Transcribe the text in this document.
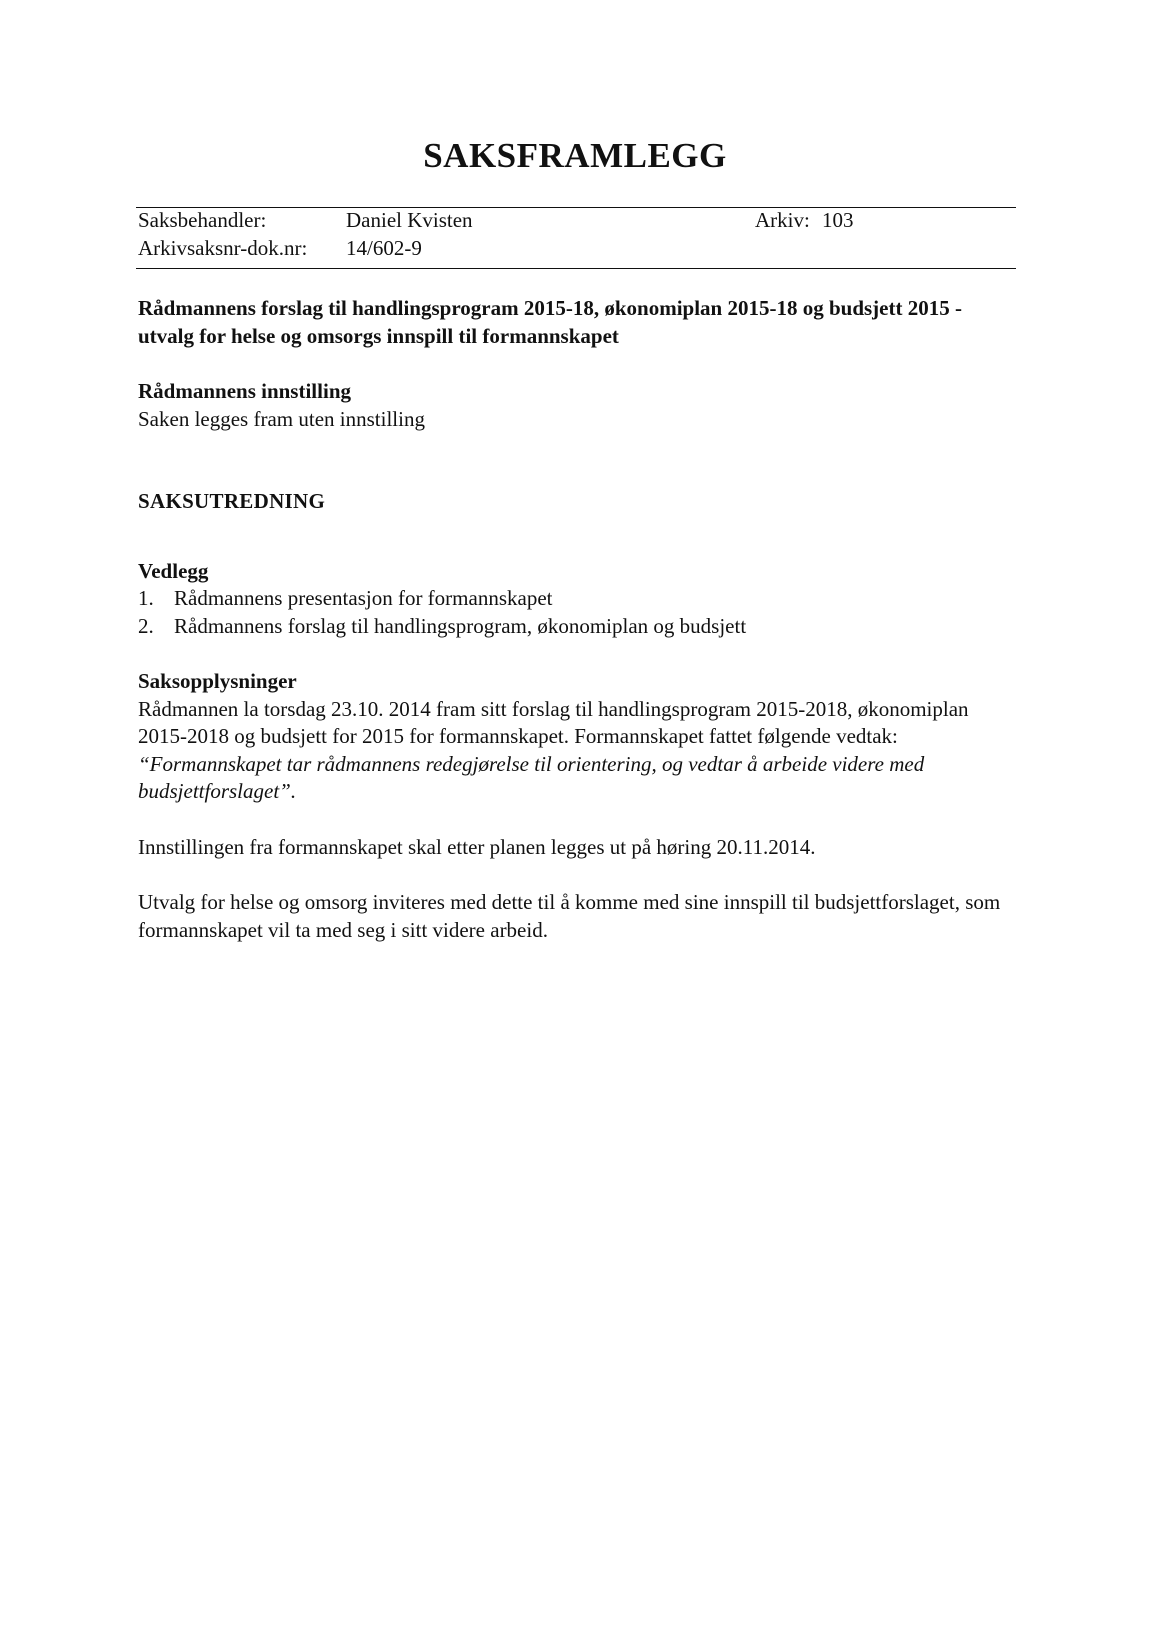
SAKSFRAMLEGG
Saksbehandler:	Daniel Kvisten	Arkiv: 103
Arkivsaksnr-dok.nr: 14/602-9
Rådmannens forslag til handlingsprogram 2015-18, økonomiplan 2015-18 og budsjett 2015 - utvalg for helse og omsorgs innspill til formannskapet
Rådmannens innstilling

Saken legges fram uten innstilling

SAKSUTREDNING
Vedlegg
1. Rådmannens presentasjon for formannskapet
2. Rådmannens forslag til handlingsprogram, økonomiplan og budsjett
Saksopplysninger

Rådmannen la torsdag 23.10. 2014 fram sitt forslag til handlingsprogram 2015-2018, økonomiplan 2015-2018 og budsjett for 2015 for formannskapet. Formannskapet fattet følgende vedtak:

“Formannskapet tar rådmannens redegjørelse til orientering, og vedtar å arbeide videre med budsjettforslaget”.

Innstillingen fra formannskapet skal etter planen legges ut på høring 20.11.2014.

Utvalg for helse og omsorg inviteres med dette til å komme med sine innspill til budsjettforslaget, som formannskapet vil ta med seg i sitt videre arbeid.
